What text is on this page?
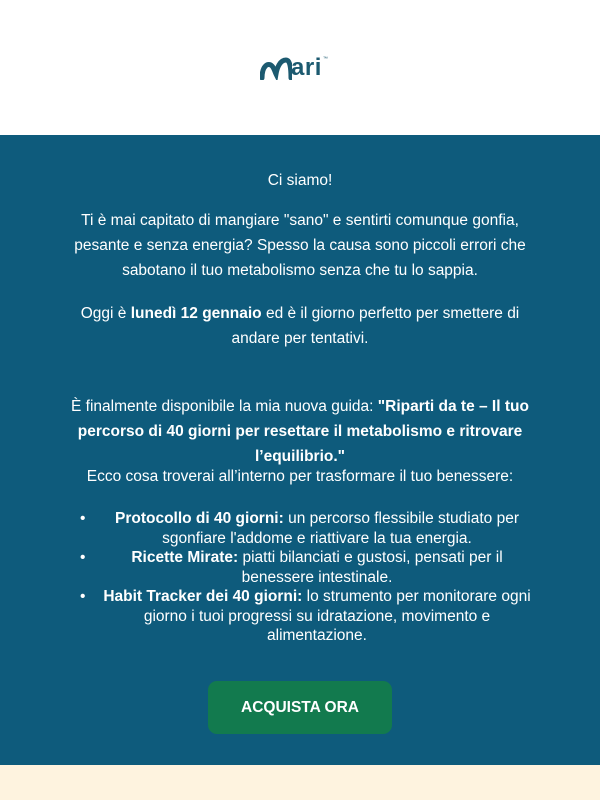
ari ™

Ci siamo!

Ti è mai capitato di mangiare "sano" e sentirti comunque gonfia, pesante e senza energia? Spesso la causa sono piccoli errori che sabotano il tuo metabolismo senza che tu lo sappia.

Oggi è lunedì 12 gennaio ed è il giorno perfetto per smettere di andare per tentativi.

È finalmente disponibile la mia nuova guida: "Riparti da te – Il tuo percorso di 40 giorni per resettare il metabolismo e ritrovare l’equilibrio."

Ecco cosa troverai all’interno per trasformare il tuo benessere:

• Protocollo di 40 giorni: un percorso flessibile studiato per sgonfiare l'addome e riattivare la tua energia.
•	Ricette Mirate: piatti bilanciati e gustosi, pensati per il benessere intestinale.
• Habit Tracker dei 40 giorni: lo strumento per monitorare ogni giorno i tuoi progressi su idratazione, movimento e alimentazione.
ACQUISTA ORA
